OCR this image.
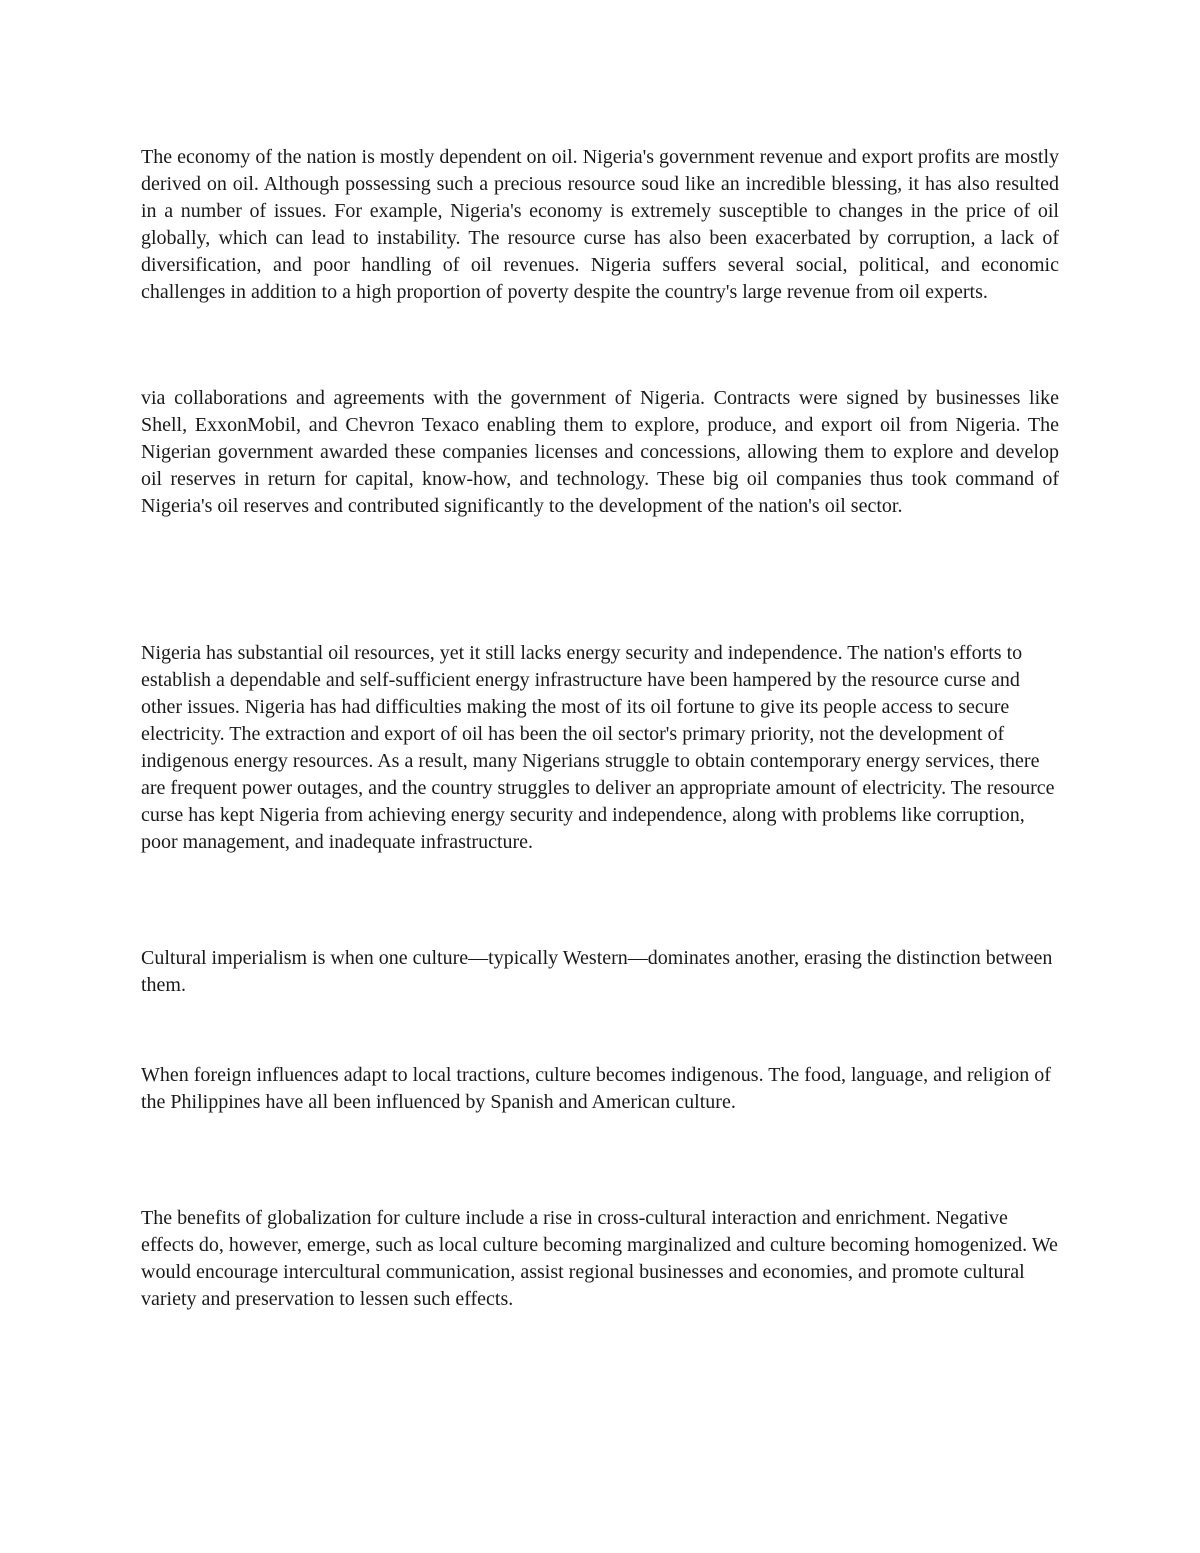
The economy of the nation is mostly dependent on oil. Nigeria's government revenue and export profits are mostly derived on oil. Although possessing such a precious resource soud like an incredible blessing, it has also resulted in a number of issues. For example, Nigeria's economy is extremely susceptible to changes in the price of oil globally, which can lead to instability. The resource curse has also been exacerbated by corruption, a lack of diversification, and poor handling of oil revenues. Nigeria suffers several social, political, and economic challenges in addition to a high proportion of poverty despite the country's large revenue from oil experts.

via collaborations and agreements with the government of Nigeria. Contracts were signed by businesses like Shell, ExxonMobil, and Chevron Texaco enabling them to explore, produce, and export oil from Nigeria. The Nigerian government awarded these companies licenses and concessions, allowing them to explore and develop oil reserves in return for capital, know-how, and technology. These big oil companies thus took command of Nigeria's oil reserves and contributed significantly to the development of the nation's oil sector.

Nigeria has substantial oil resources, yet it still lacks energy security and independence. The nation's efforts to establish a dependable and self-sufficient energy infrastructure have been hampered by the resource curse and other issues. Nigeria has had difficulties making the most of its oil fortune to give its people access to secure electricity. The extraction and export of oil has been the oil sector's primary priority, not the development of indigenous energy resources. As a result, many Nigerians struggle to obtain contemporary energy services, there are frequent power outages, and the country struggles to deliver an appropriate amount of electricity. The resource curse has kept Nigeria from achieving energy security and independence, along with problems like corruption, poor management, and inadequate infrastructure.

Cultural imperialism is when one culture—typically Western—dominates another, erasing the distinction between them.

When foreign influences adapt to local tractions, culture becomes indigenous. The food, language, and religion of the Philippines have all been influenced by Spanish and American culture.

The benefits of globalization for culture include a rise in cross-cultural interaction and enrichment. Negative effects do, however, emerge, such as local culture becoming marginalized and culture becoming homogenized. We would encourage intercultural communication, assist regional businesses and economies, and promote cultural variety and preservation to lessen such effects.
